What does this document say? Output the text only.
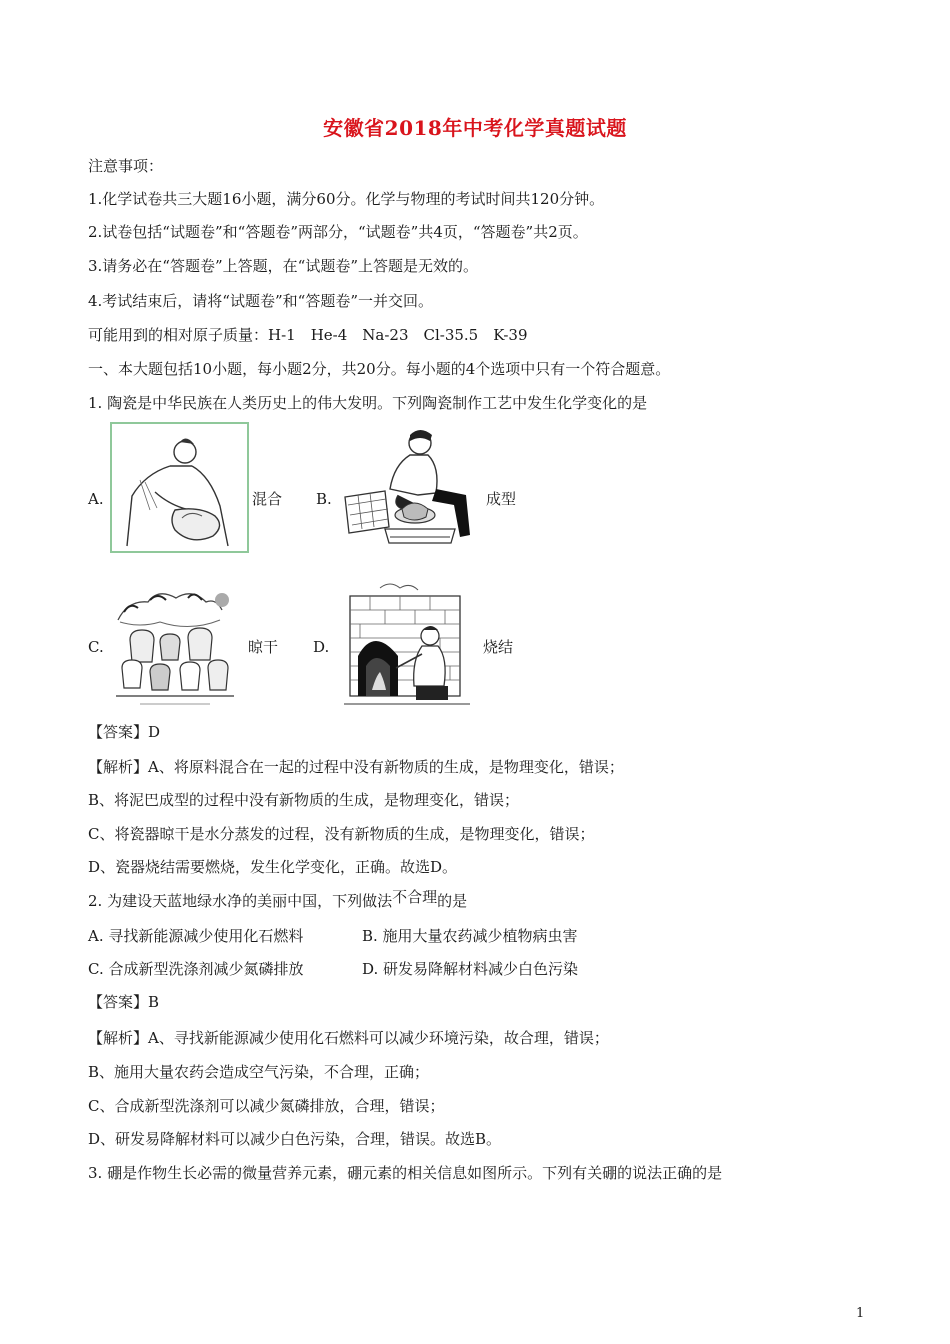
安徽省2018年中考化学真题试题
注意事项：
1.化学试卷共三大题16小题，满分60分。化学与物理的考试时间共120分钟。
2.试卷包括“试题卷”和“答题卷”两部分，“试题卷”共4页，“答题卷”共2页。
3.请务必在“答题卷”上答题，在“试题卷”上答题是无效的。
4.考试结束后，请将“试题卷”和“答题卷”一并交回。
可能用到的相对原子质量：H-1　He-4　Na-23　Cl-35.5　K-39
一、本大题包括10小题，每小题2分，共20分。每小题的4个选项中只有一个符合题意。
1. 陶瓷是中华民族在人类历史上的伟大发明。下列陶瓷制作工艺中发生化学变化的是
A.	混合 B.	成型
C.	晾干 D.	烧结
【答案】D
【解析】A、将原料混合在一起的过程中没有新物质的生成，是物理变化，错误；
B、将泥巴成型的过程中没有新物质的生成，是物理变化，错误；
C、将瓷器晾干是水分蒸发的过程，没有新物质的生成，是物理变化，错误；
D、瓷器烧结需要燃烧，发生化学变化，正确。故选D。
2. 为建设天蓝地绿水净的美丽中国，下列做法不合理的是
A. 寻找新能源减少使用化石燃料	B. 施用大量农药减少植物病虫害
C. 合成新型洗涤剂减少氮磷排放	D. 研发易降解材料减少白色污染
【答案】B
【解析】A、寻找新能源减少使用化石燃料可以减少环境污染，故合理，错误；
B、施用大量农药会造成空气污染，不合理，正确；
C、合成新型洗涤剂可以减少氮磷排放，合理，错误；
D、研发易降解材料可以减少白色污染，合理，错误。故选B。
3. 硼是作物生长必需的微量营养元素，硼元素的相关信息如图所示。下列有关硼的说法正确的是
1
